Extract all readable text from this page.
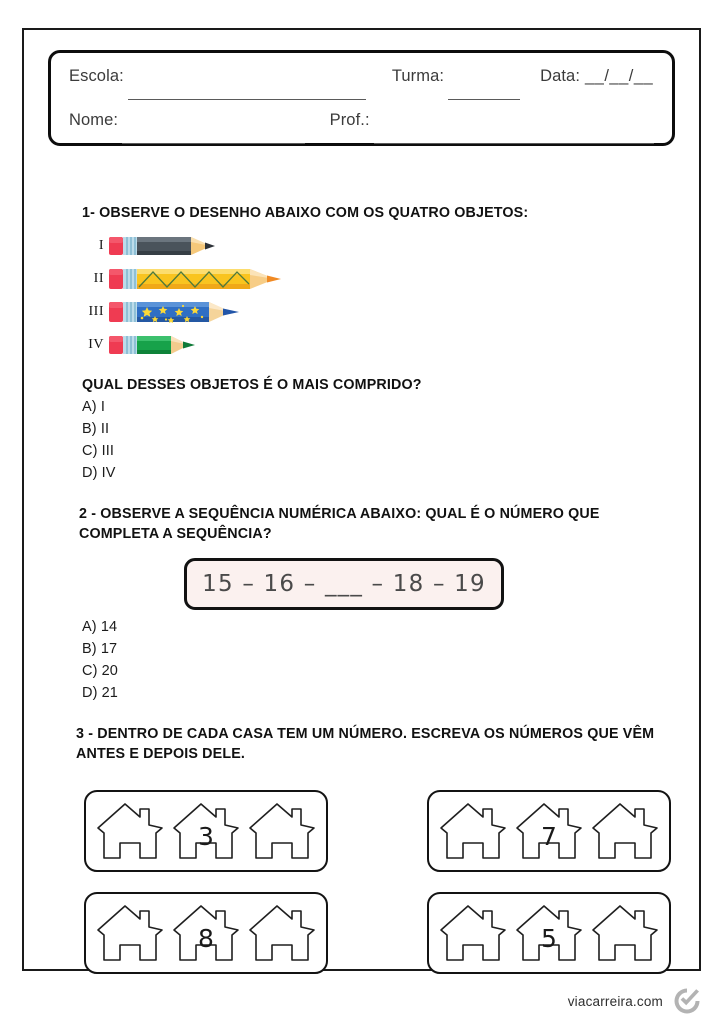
Escola:	Turma:	Data: __/__/__
Nome:	Prof.:
1- OBSERVE O DESENHO ABAIXO COM OS QUATRO OBJETOS:
I
II
III
IV
QUAL DESSES OBJETOS É O MAIS COMPRIDO?
A) I
B) II
C) III
D) IV
2 - OBSERVE A SEQUÊNCIA NUMÉRICA ABAIXO: QUAL É O NÚMERO QUE COMPLETA A SEQUÊNCIA?
15 – 16 – ___ – 18 – 19
A) 14
B) 17
C) 20
D) 21
3 - DENTRO DE CADA CASA TEM UM NÚMERO. ESCREVA OS NÚMEROS QUE VÊM ANTES E DEPOIS DELE.
3	7
8	5
viacarreira.com
